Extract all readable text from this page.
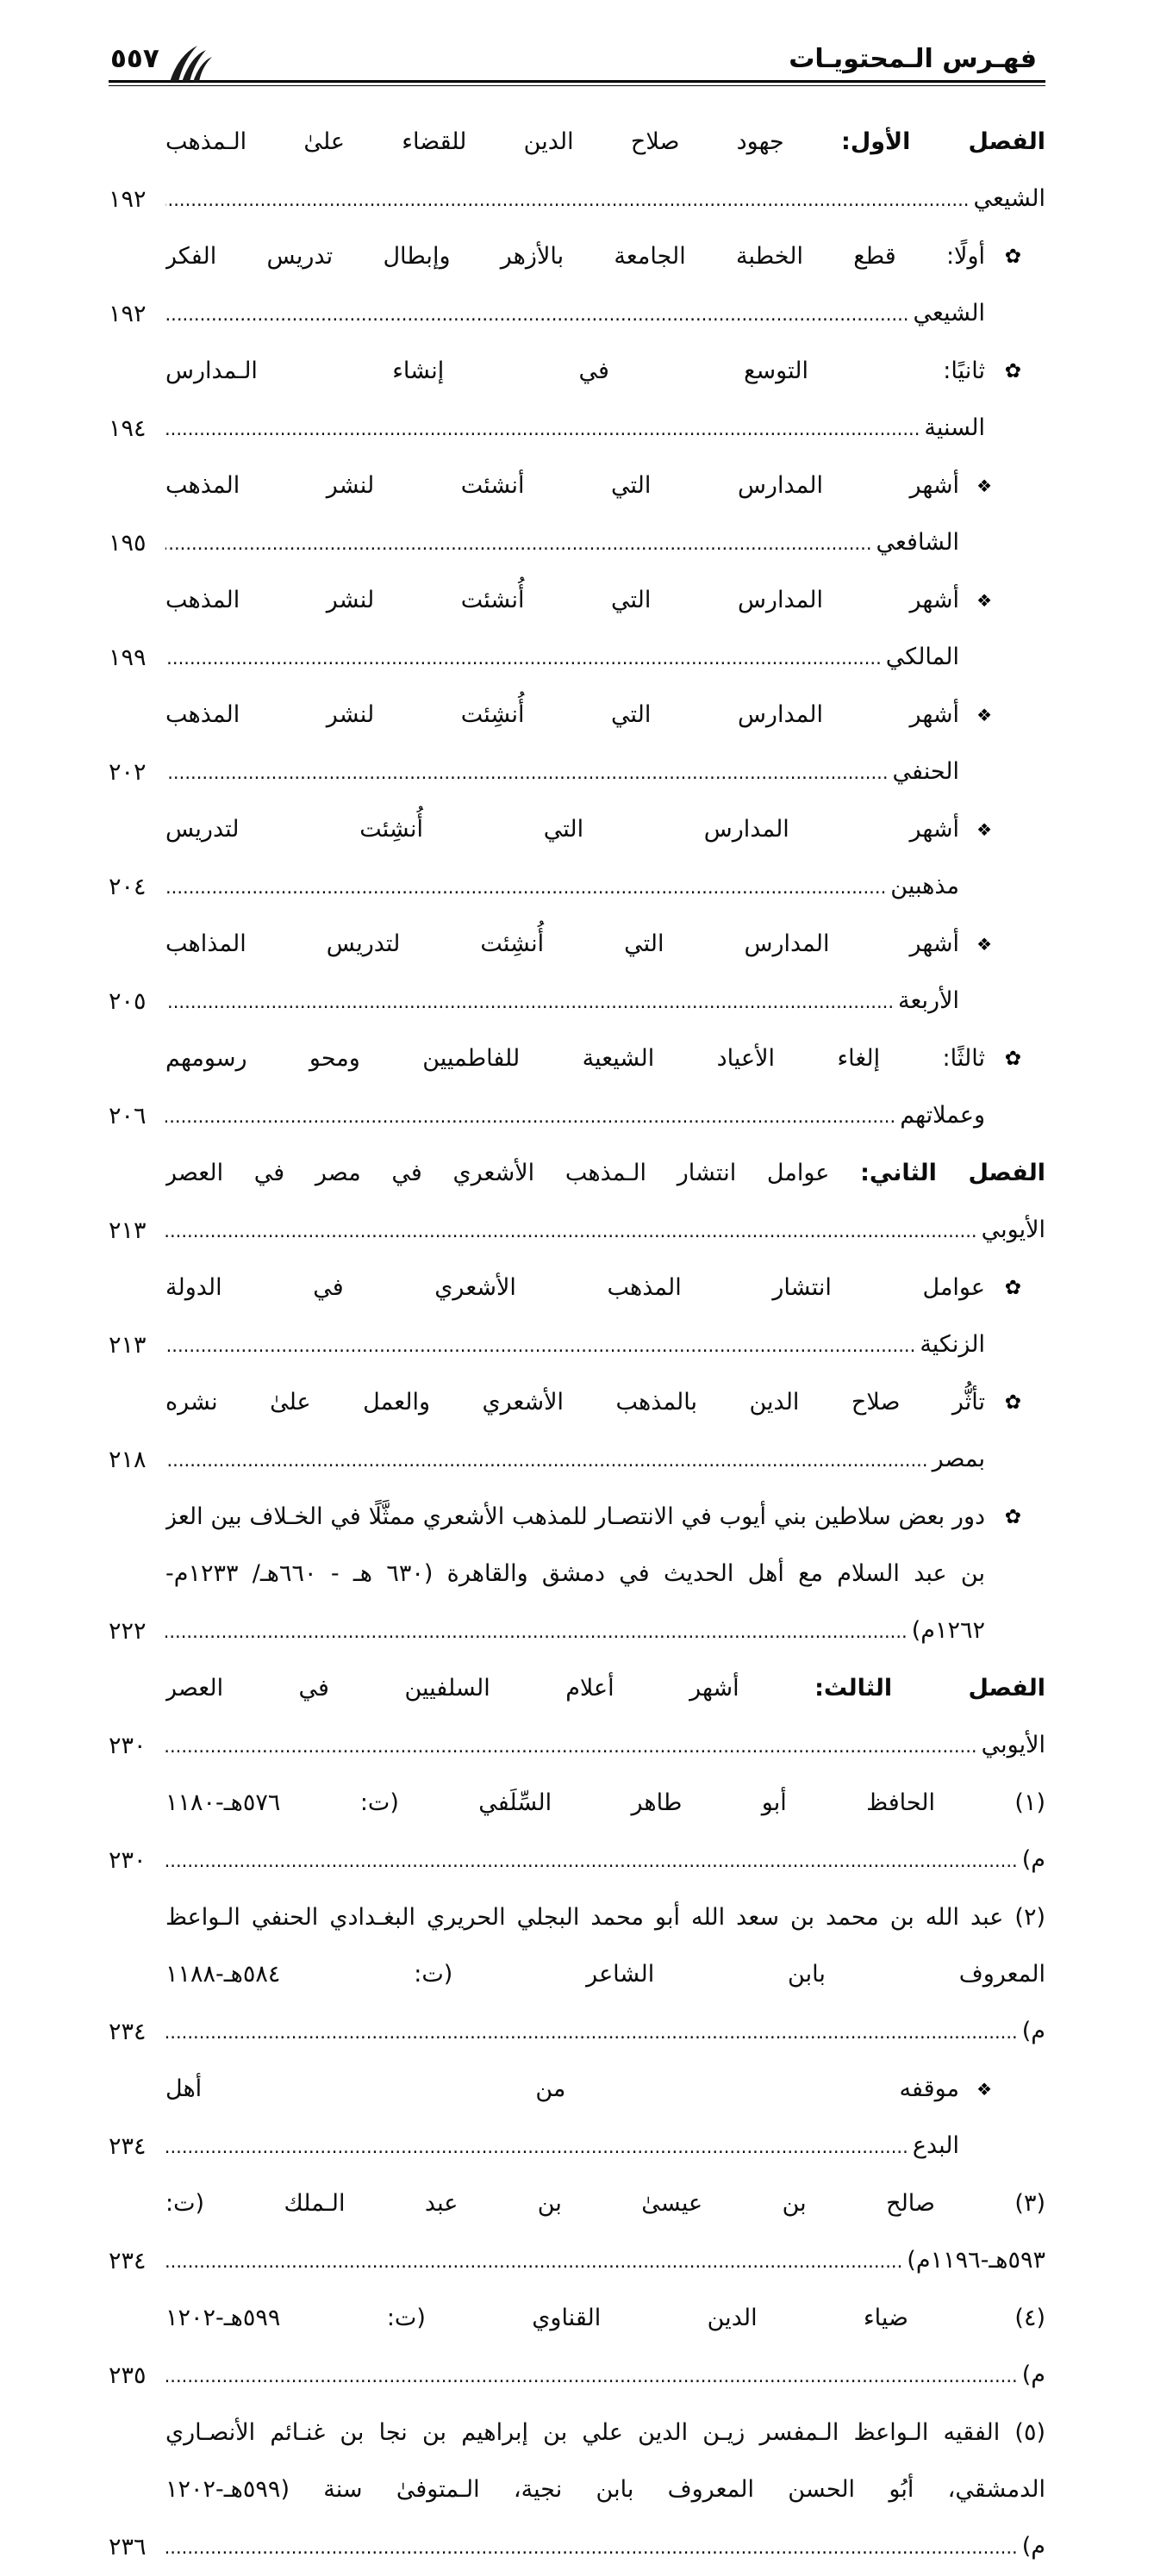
فهـرس الـمحتويـات
٥٥٧
الفصل الأول: جهود صلاح الدين للقضاء علىٰ الـمذهب الشيعي .....
١٩٢
✿
أولًا: قطع الخطبة الجامعة بالأزهر وإبطال تدريس الفكر الشيعي .....
١٩٢
✿
ثانيًا: التوسع في إنشاء الـمدارس السنية .....
١٩٤
❖
أشهر المدارس التي أنشئت لنشر المذهب الشافعي .....
١٩٥
❖
أشهر المدارس التي أُنشئت لنشر المذهب المالكي .....
١٩٩
❖
أشهر المدارس التي أُنشِئت لنشر المذهب الحنفي .....
٢٠٢
❖
أشهر المدارس التي أُنشِئت لتدريس مذهبين .....
٢٠٤
❖
أشهر المدارس التي أُنشِئت لتدريس المذاهب الأربعة .....
٢٠٥
✿
ثالثًا: إلغاء الأعياد الشيعية للفاطميين ومحو رسومهم وعملاتهم .....
٢٠٦
الفصل الثاني: عوامل انتشار الـمذهب الأشعري في مصر في العصر الأيوبي .....
٢١٣
✿
عوامل انتشار المذهب الأشعري في الدولة الزنكية .....
٢١٣
✿
تأثُّر صلاح الدين بالمذهب الأشعري والعمل علىٰ نشره بمصر .....
٢١٨
✿
دور بعض سلاطين بني أيوب في الانتصـار للمذهب الأشعري ممثَّلًا في الخـلاف بين العز بن عبد السلام مع أهل الحديث في دمشق والقاهرة (٦٣٠ هـ - ٦٦٠هـ/ ١٢٣٣م- ١٢٦٢م) .....
٢٢٢
الفصل الثالث: أشهر أعلام السلفيين في العصر الأيوبي .....
٢٣٠
(١) الحافظ أبو طاهر السِّلَفي (ت: ٥٧٦هـ-١١٨٠ م) .....
٢٣٠
(٢) عبد الله بن محمد بن سعد الله أبو محمد البجلي الحريري البغـدادي الحنفي الـواعظ المعروف بابن الشاعر (ت: ٥٨٤هـ-١١٨٨ م) .....
٢٣٤
❖
موقفه من أهل البدع .....
٢٣٤
(٣) صالح بن عيسىٰ بن عبد الـملك (ت: ٥٩٣هـ-١١٩٦م) .....
٢٣٤
(٤) ضياء الدين القناوي (ت: ٥٩٩هـ-١٢٠٢ م) .....
٢٣٥
(٥) الفقيه الـواعظ الـمفسر زيـن الدين علي بن إبراهيم بن نجا بن غنـائم الأنصـاري الدمشقي، أبُو الحسن المعروف بابن نجية، الـمتوفىٰ سنة (٥٩٩هـ-١٢٠٢ م) .....
٢٣٦
